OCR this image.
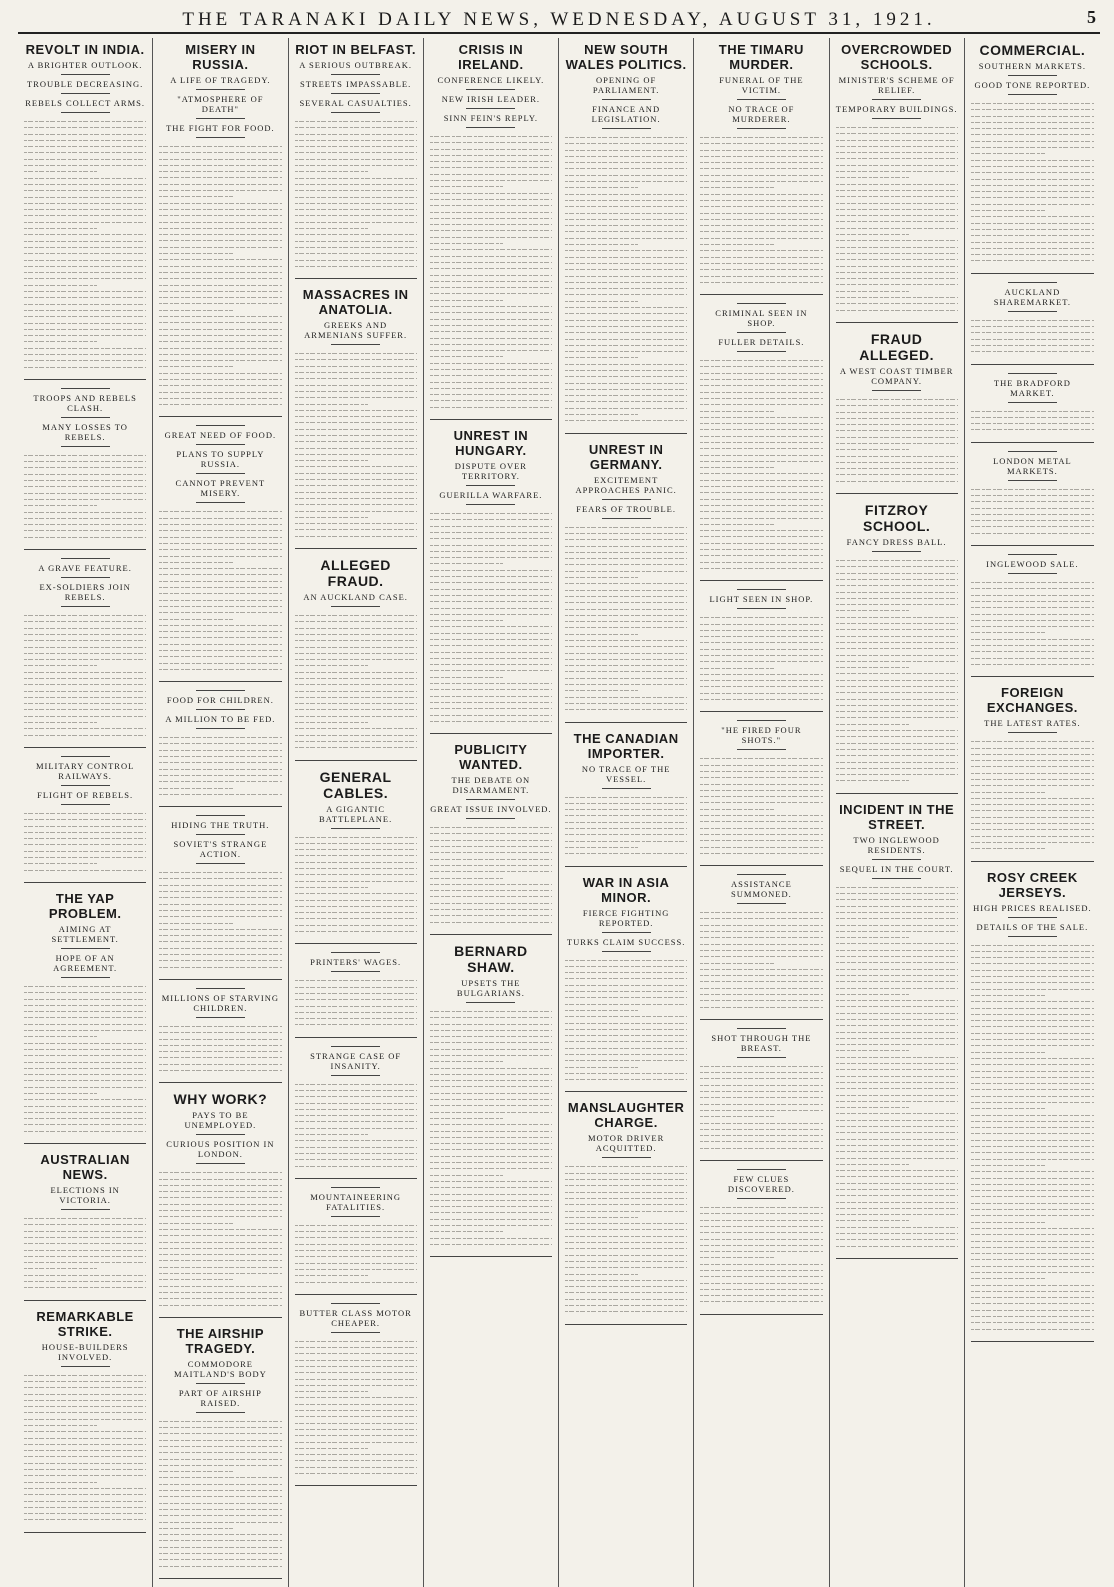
THE TARANAKI DAILY NEWS, WEDNESDAY, AUGUST 31, 1921.	5
REVOLT IN INDIA.
A BRIGHTER OUTLOOK.
TROUBLE DECREASING.
REBELS COLLECT ARMS.
TROOPS AND REBELS CLASH.
MANY LOSSES TO REBELS.
A GRAVE FEATURE.
EX-SOLDIERS JOIN REBELS.
MILITARY CONTROL RAILWAYS.
FLIGHT OF REBELS.
THE YAP PROBLEM.
AIMING AT SETTLEMENT.
HOPE OF AN AGREEMENT.
AUSTRALIAN NEWS.
ELECTIONS IN VICTORIA.
REMARKABLE STRIKE.
HOUSE-BUILDERS INVOLVED.
MISERY IN RUSSIA.
A LIFE OF TRAGEDY.
"ATMOSPHERE OF DEATH"
THE FIGHT FOR FOOD.
GREAT NEED OF FOOD.
PLANS TO SUPPLY RUSSIA.
CANNOT PREVENT MISERY.
FOOD FOR CHILDREN.
A MILLION TO BE FED.
HIDING THE TRUTH.
SOVIET'S STRANGE ACTION.
MILLIONS OF STARVING CHILDREN.
WHY WORK?
PAYS TO BE UNEMPLOYED.
CURIOUS POSITION IN LONDON.
THE AIRSHIP TRAGEDY.
COMMODORE MAITLAND'S BODY
PART OF AIRSHIP RAISED.
RIOT IN BELFAST.
A SERIOUS OUTBREAK.
STREETS IMPASSABLE.
SEVERAL CASUALTIES.
MASSACRES IN ANATOLIA.
GREEKS AND ARMENIANS SUFFER.
ALLEGED FRAUD.
AN AUCKLAND CASE.
GENERAL CABLES.
A GIGANTIC BATTLEPLANE.
PRINTERS' WAGES.
STRANGE CASE OF INSANITY.
MOUNTAINEERING FATALITIES.
BUTTER CLASS MOTOR CHEAPER.
CRISIS IN IRELAND.
CONFERENCE LIKELY.
NEW IRISH LEADER.
SINN FEIN'S REPLY.
UNREST IN HUNGARY.
DISPUTE OVER TERRITORY.
GUERILLA WARFARE.
PUBLICITY WANTED.
THE DEBATE ON DISARMAMENT.
GREAT ISSUE INVOLVED.
BERNARD SHAW.
UPSETS THE BULGARIANS.
NEW SOUTH WALES POLITICS.
OPENING OF PARLIAMENT.
FINANCE AND LEGISLATION.
UNREST IN GERMANY.
EXCITEMENT APPROACHES PANIC.
FEARS OF TROUBLE.
THE CANADIAN IMPORTER.
NO TRACE OF THE VESSEL.
WAR IN ASIA MINOR.
FIERCE FIGHTING REPORTED.
TURKS CLAIM SUCCESS.
MANSLAUGHTER CHARGE.
MOTOR DRIVER ACQUITTED.
THE TIMARU MURDER.
FUNERAL OF THE VICTIM.
NO TRACE OF MURDERER.
CRIMINAL SEEN IN SHOP.
FULLER DETAILS.
LIGHT SEEN IN SHOP.
"HE FIRED FOUR SHOTS."
ASSISTANCE SUMMONED.
SHOT THROUGH THE BREAST.
FEW CLUES DISCOVERED.
OVERCROWDED SCHOOLS.
MINISTER'S SCHEME OF RELIEF.
TEMPORARY BUILDINGS.
FRAUD ALLEGED.
A WEST COAST TIMBER COMPANY.
FITZROY SCHOOL.
FANCY DRESS BALL.
INCIDENT IN THE STREET.
TWO INGLEWOOD RESIDENTS.
SEQUEL IN THE COURT.
COMMERCIAL.
SOUTHERN MARKETS.
GOOD TONE REPORTED.
AUCKLAND SHAREMARKET.
THE BRADFORD MARKET.
LONDON METAL MARKETS.
INGLEWOOD SALE.
FOREIGN EXCHANGES.
THE LATEST RATES.
ROSY CREEK JERSEYS.
HIGH PRICES REALISED.
DETAILS OF THE SALE.
